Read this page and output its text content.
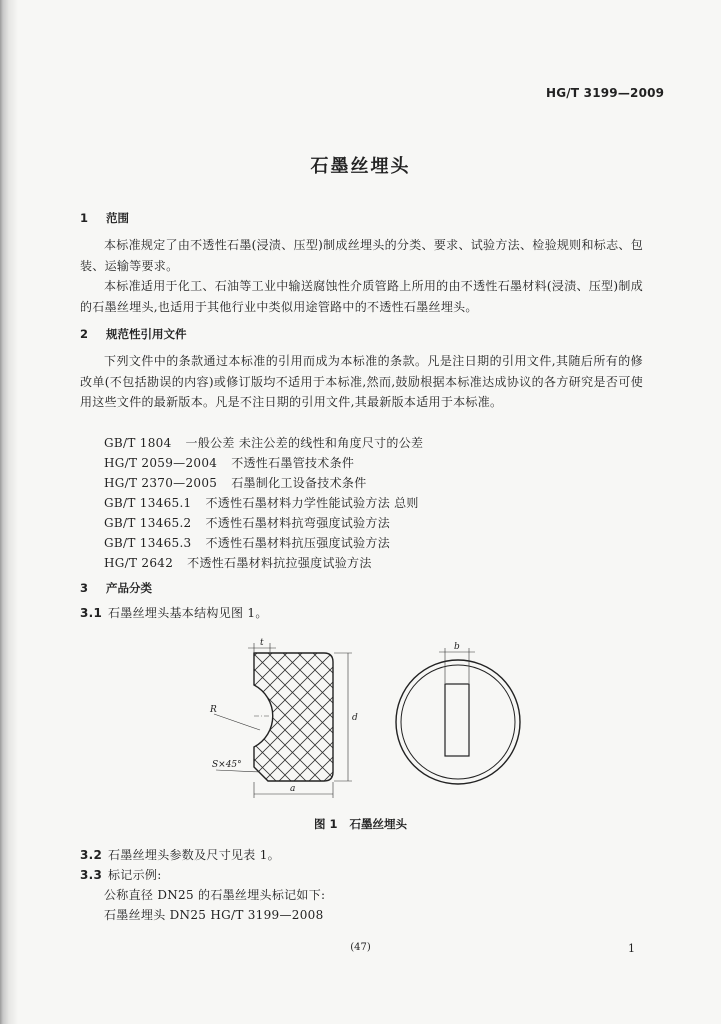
HG/T 3199—2009
石墨丝埋头
1 范围
本标准规定了由不透性石墨(浸渍、压型)制成丝埋头的分类、要求、试验方法、检验规则和标志、包装、运输等要求。
本标准适用于化工、石油等工业中输送腐蚀性介质管路上所用的由不透性石墨材料(浸渍、压型)制成的石墨丝埋头,也适用于其他行业中类似用途管路中的不透性石墨丝埋头。
2 规范性引用文件
下列文件中的条款通过本标准的引用而成为本标准的条款。凡是注日期的引用文件,其随后所有的修改单(不包括勘误的内容)或修订版均不适用于本标准,然而,鼓励根据本标准达成协议的各方研究是否可使用这些文件的最新版本。凡是不注日期的引用文件,其最新版本适用于本标准。
GB/T 1804 一般公差 未注公差的线性和角度尺寸的公差
HG/T 2059—2004 不透性石墨管技术条件
HG/T 2370—2005 石墨制化工设备技术条件
GB/T 13465.1 不透性石墨材料力学性能试验方法 总则
GB/T 13465.2 不透性石墨材料抗弯强度试验方法
GB/T 13465.3 不透性石墨材料抗压强度试验方法
HG/T 2642 不透性石墨材料抗拉强度试验方法
3 产品分类
3.1 石墨丝埋头基本结构见图 1。
t
d
a
R
S×45°
b
图 1 石墨丝埋头
3.2 石墨丝埋头参数及尺寸见表 1。
3.3 标记示例:
公称直径 DN25 的石墨丝埋头标记如下:
石墨丝埋头 DN25 HG/T 3199—2008
(47)	1
